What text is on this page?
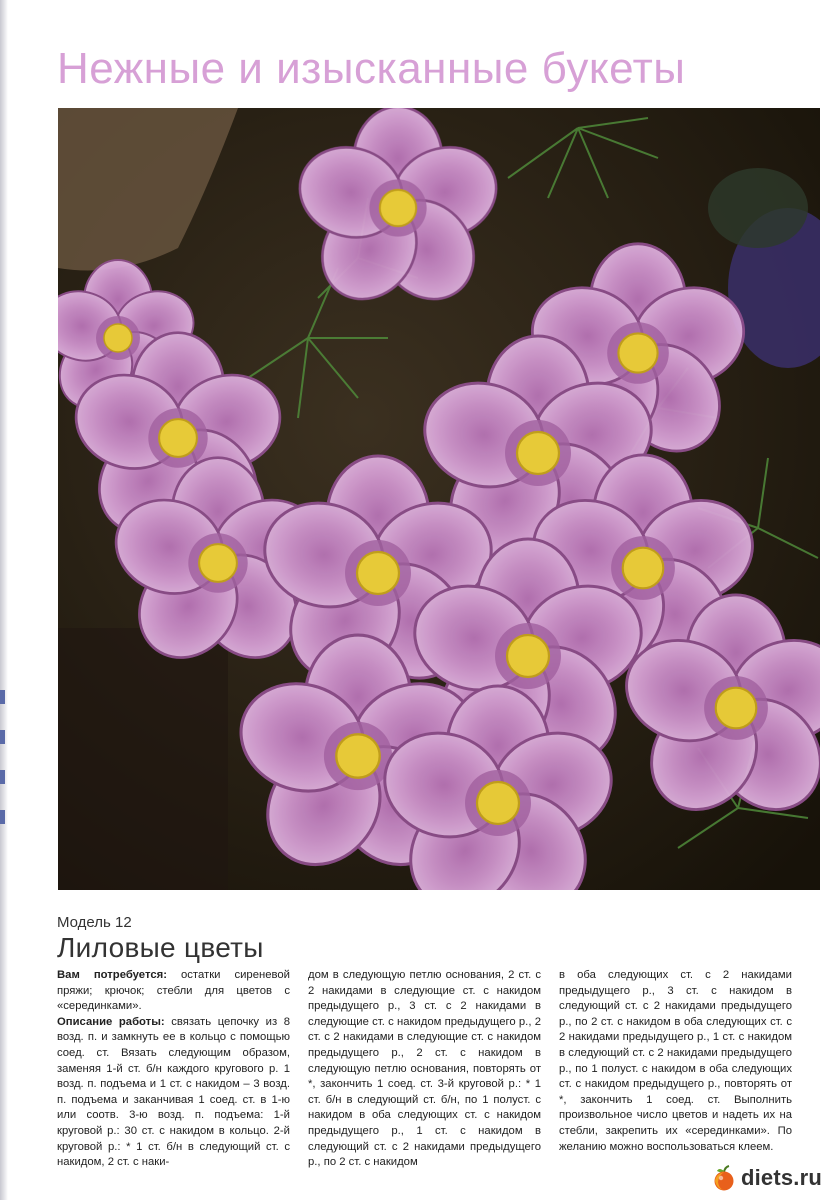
Нежные и изысканные букеты
Модель 12
Лиловые цветы

Вам потребуется: остатки сиреневой пряжи; крючок; стебли для цветов с «серединками».

Описание работы: связать цепочку из 8 возд. п. и замкнуть ее в кольцо с помощью соед. ст. Вязать следующим образом, заменяя 1-й ст. б/н каждого кругового р. 1 возд. п. подъема и 1 ст. с накидом – 3 возд. п. подъема и заканчивая 1 соед. ст. в 1-ю или соотв. 3-ю возд. п. подъема: 1-й круговой р.: 30 ст. с накидом в кольцо. 2-й круговой р.: * 1 ст. б/н в следующий ст. с накидом, 2 ст. с наки-

дом в следующую петлю основания, 2 ст. с 2 накидами в следующие ст. с накидом предыдущего р., 3 ст. с 2 накидами в следующие ст. с накидом предыдущего р., 2 ст. с 2 накидами в следующие ст. с накидом предыдущего р., 2 ст. с накидом в следующую петлю основания, повторять от *, закончить 1 соед. ст. 3-й круговой р.: * 1 ст. б/н в следующий ст. б/н, по 1 полуст. с накидом в оба следующих ст. с накидом предыдущего р., 1 ст. с накидом в следующий ст. с 2 накидами предыдущего р., по 2 ст. с накидом

в оба следующих ст. с 2 накидами предыдущего р., 3 ст. с накидом в следующий ст. с 2 накидами предыдущего р., по 2 ст. с накидом в оба следующих ст. с 2 накидами предыдущего р., 1 ст. с накидом в следующий ст. с 2 накидами предыдущего р., по 1 полуст. с накидом в оба следующих ст. с накидом предыдущего р., повторять от *, закончить 1 соед. ст. Выполнить произвольное число цветов и надеть их на стебли, закрепить их «серединками». По желанию можно воспользоваться клеем.

diets.ru
